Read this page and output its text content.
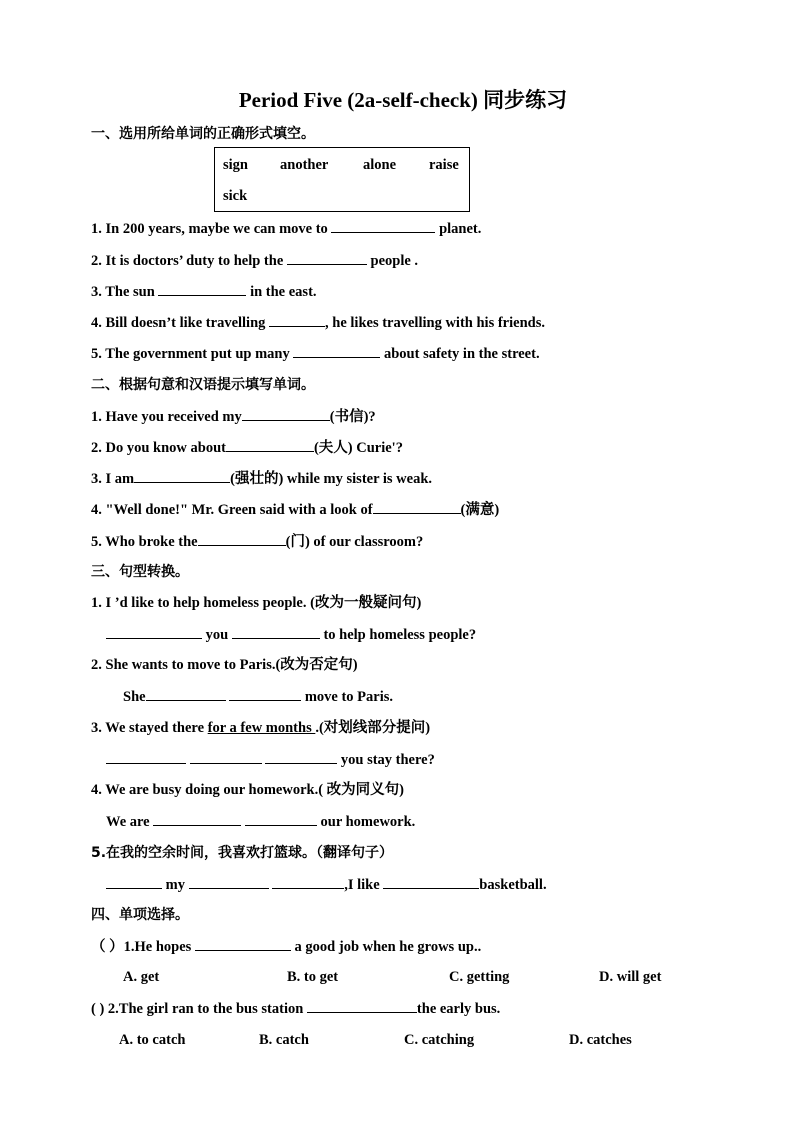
Period Five (2a-self-check) 同步练习
一、选用所给单词的正确形式填空。
sign another alone raise
sick
1. In 200 years, maybe we can move to	planet.
2. It is doctors’ duty to help the	people .
3. The sun	in the east.
4. Bill doesn’t like travelling	, he likes travelling with his friends.
5. The government put up many	about safety in the street.
二、根据句意和汉语提示填写单词。
1. Have you received my	(书信)?
2. Do you know about	(夫人) Curie'?
3. I am	(强壮的) while my sister is weak.
4. "Well done!" Mr. Green said with a look of	(满意)
5. Who broke the	(门) of our classroom?
三、句型转换。
1. I ’d like to help homeless people. (改为一般疑问句)
you	to help homeless people?
2. She wants to move to Paris.(改为否定句)
She	move to Paris.
3. We stayed there for a few months .(对划线部分提问)
you stay there?
4. We are busy doing our homework.( 改为同义句)
We are	our homework.
5.在我的空余时间，我喜欢打篮球。（翻译句子）
my	,I like	basketball.
四、单项选择。
（ ）1.He hopes	a good job when he grows up..
A. get	B. to get	C. getting	D. will get
( ) 2.The girl ran to the bus station	the early bus.
A. to catch	B. catch	C. catching	D. catches
